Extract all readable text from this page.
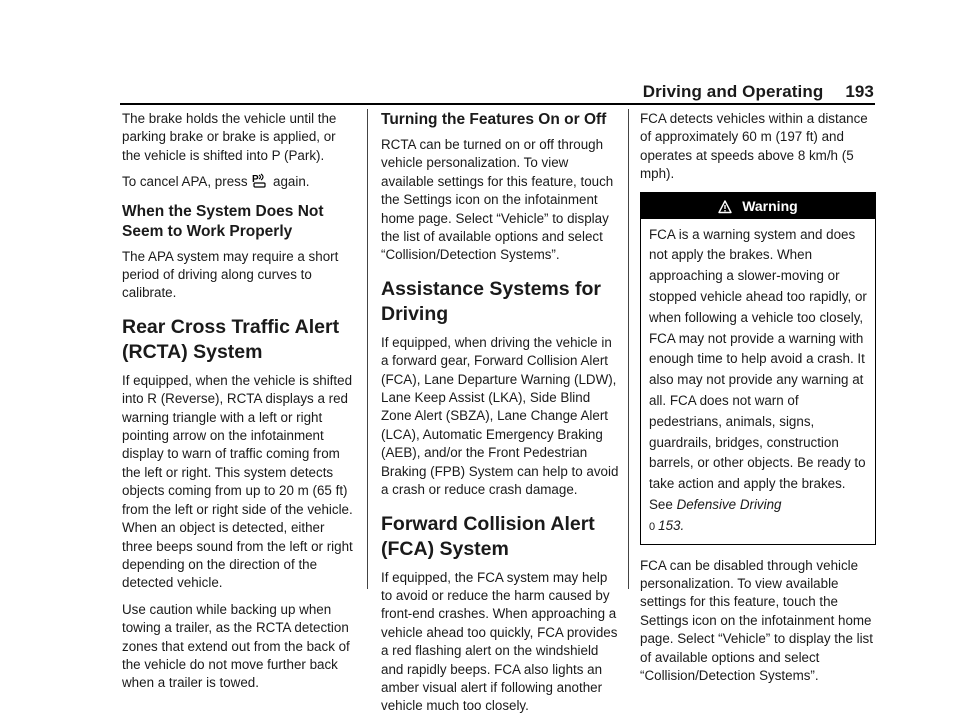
Driving and Operating 193

The brake holds the vehicle until the parking brake or brake is applied, or the vehicle is shifted into P (Park).

To cancel APA, press P again.

When the System Does Not Seem to Work Properly

The APA system may require a short period of driving along curves to calibrate.

Rear Cross Traffic Alert (RCTA) System

If equipped, when the vehicle is shifted into R (Reverse), RCTA displays a red warning triangle with a left or right pointing arrow on the infotainment display to warn of traffic coming from the left or right. This system detects objects coming from up to 20 m (65 ft) from the left or right side of the vehicle. When an object is detected, either three beeps sound from the left or right depending on the direction of the detected vehicle.

Use caution while backing up when towing a trailer, as the RCTA detection zones that extend out from the back of the vehicle do not move further back when a trailer is towed.

Turning the Features On or Off

RCTA can be turned on or off through vehicle personalization. To view available settings for this feature, touch the Settings icon on the infotainment home page. Select “Vehicle” to display the list of available options and select “Collision/Detection Systems”.

Assistance Systems for Driving

If equipped, when driving the vehicle in a forward gear, Forward Collision Alert (FCA), Lane Departure Warning (LDW), Lane Keep Assist (LKA), Side Blind Zone Alert (SBZA), Lane Change Alert (LCA), Automatic Emergency Braking (AEB), and/or the Front Pedestrian Braking (FPB) System can help to avoid a crash or reduce crash damage.

Forward Collision Alert (FCA) System

If equipped, the FCA system may help to avoid or reduce the harm caused by front-end crashes. When approaching a vehicle ahead too quickly, FCA provides a red flashing alert on the windshield and rapidly beeps. FCA also lights an amber visual alert if following another vehicle much too closely.

FCA detects vehicles within a distance of approximately 60 m (197 ft) and operates at speeds above 8 km/h (5 mph).

Warning
FCA is a warning system and does not apply the brakes. When approaching a slower-moving or stopped vehicle ahead too rapidly, or when following a vehicle too closely, FCA may not provide a warning with enough time to help avoid a crash. It also may not provide any warning at all. FCA does not warn of pedestrians, animals, signs, guardrails, bridges, construction barrels, or other objects. Be ready to take action and apply the brakes. See Defensive Driving
0 153.

FCA can be disabled through vehicle personalization. To view available settings for this feature, touch the Settings icon on the infotainment home page. Select “Vehicle” to display the list of available options and select “Collision/Detection Systems”.
